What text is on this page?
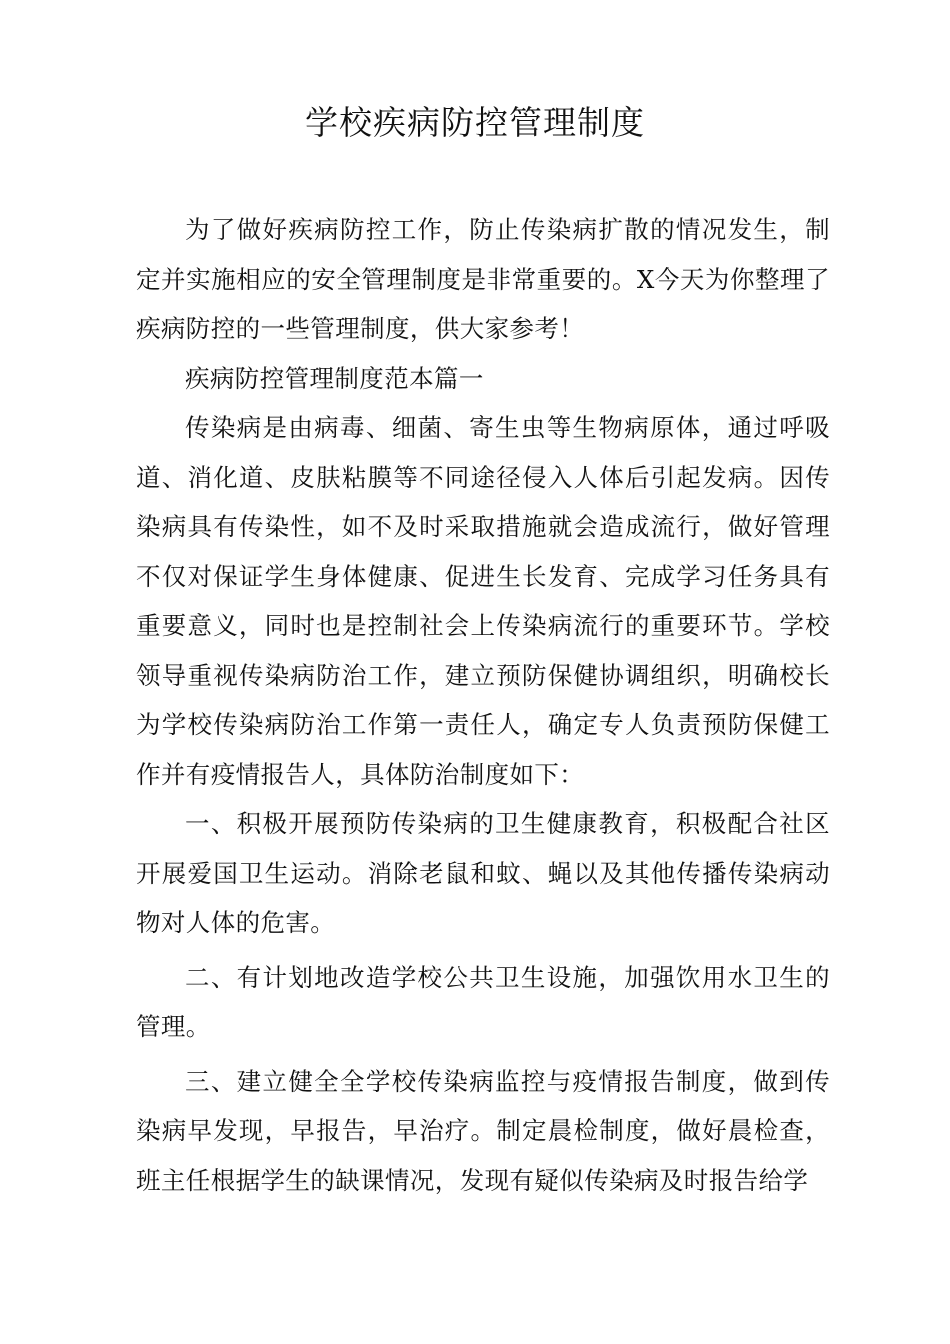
学校疾病防控管理制度

为了做好疾病防控工作，防止传染病扩散的情况发生，制定并实施相应的安全管理制度是非常重要的。X今天为你整理了疾病防控的一些管理制度，供大家参考！

疾病防控管理制度范本篇一

传染病是由病毒、细菌、寄生虫等生物病原体，通过呼吸道、消化道、皮肤粘膜等不同途径侵入人体后引起发病。因传染病具有传染性，如不及时采取措施就会造成流行，做好管理不仅对保证学生身体健康、促进生长发育、完成学习任务具有重要意义，同时也是控制社会上传染病流行的重要环节。学校领导重视传染病防治工作，建立预防保健协调组织，明确校长为学校传染病防治工作第一责任人，确定专人负责预防保健工作并有疫情报告人，具体防治制度如下：

一、积极开展预防传染病的卫生健康教育，积极配合社区开展爱国卫生运动。消除老鼠和蚊、蝇以及其他传播传染病动物对人体的危害。

二、有计划地改造学校公共卫生设施，加强饮用水卫生的管理。

三、建立健全全学校传染病监控与疫情报告制度，做到传染病早发现，早报告，早治疗。制定晨检制度，做好晨检查，班主任根据学生的缺课情况，发现有疑似传染病及时报告给学
